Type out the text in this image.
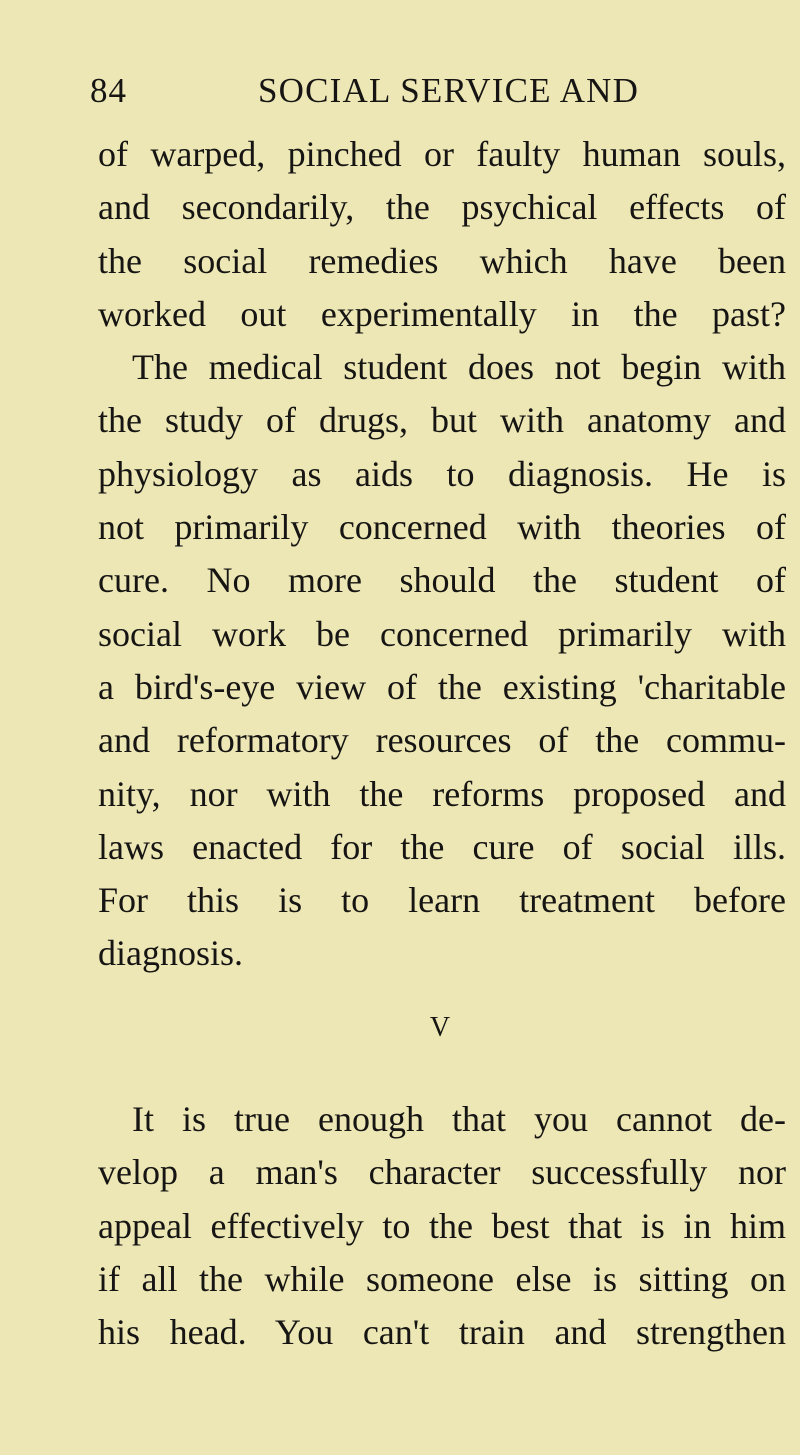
84	SOCIAL SERVICE AND
of warped, pinched or faulty human souls,
and secondarily, the psychical effects of
the social remedies which have been
worked out experimentally in the past?
The medical student does not begin with
the study of drugs, but with anatomy and
physiology as aids to diagnosis. He is
not primarily concerned with theories of
cure. No more should the student of
social work be concerned primarily with
a bird's-eye view of the existing 'charitable
and reformatory resources of the commu-
nity, nor with the reforms proposed and
laws enacted for the cure of social ills.
For this is to learn treatment before
diagnosis.
V
It is true enough that you cannot de-
velop a man's character successfully nor
appeal effectively to the best that is in him
if all the while someone else is sitting on
his head. You can't train and strengthen
